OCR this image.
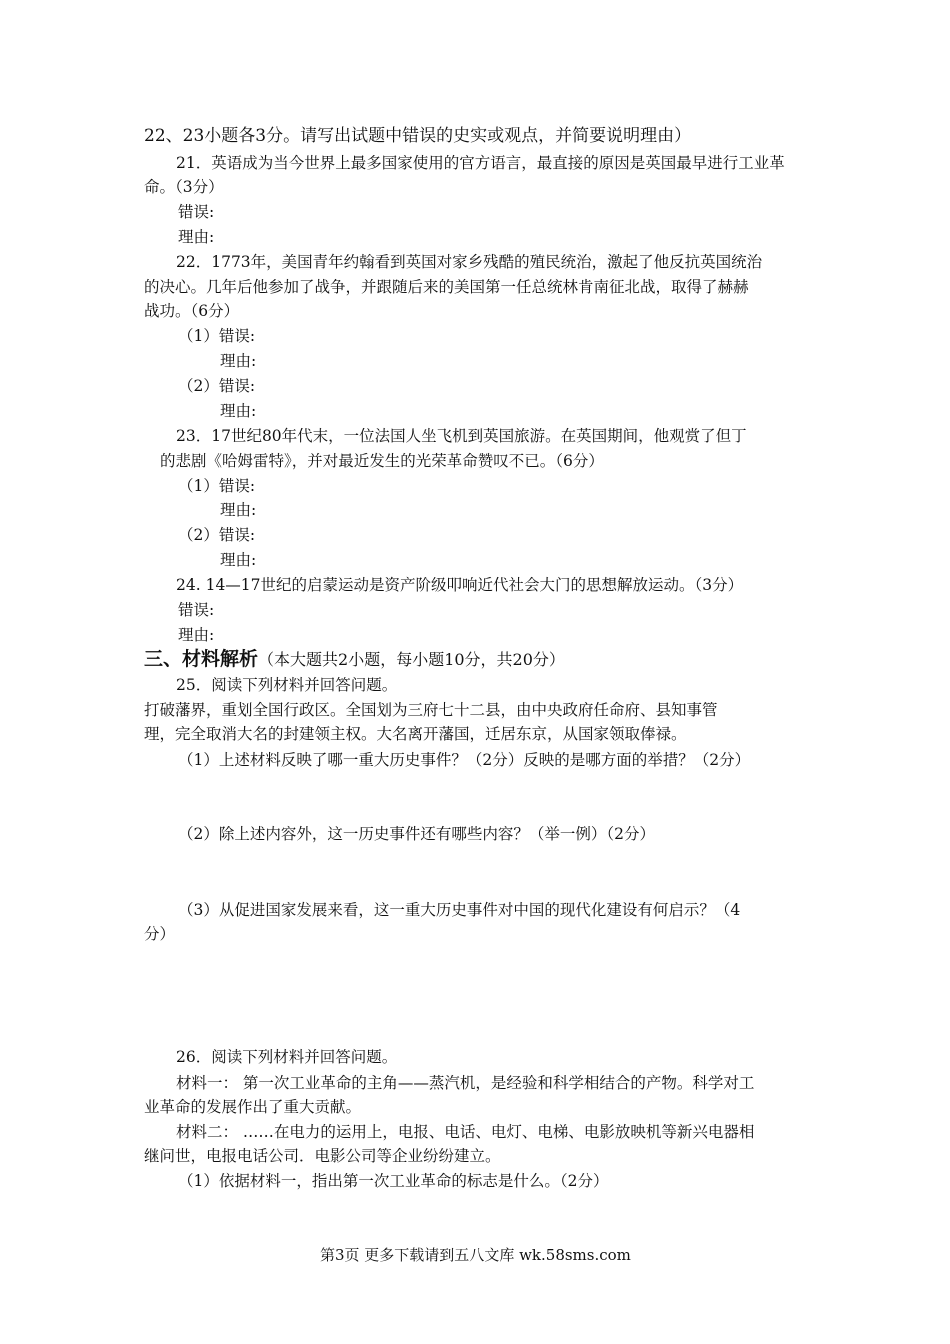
22、23小题各3分。请写出试题中错误的史实或观点，并简要说明理由）
21．英语成为当今世界上最多国家使用的官方语言，最直接的原因是英国最早进行工业革
命。（3分）
错误:
理由:
22．1773年，美国青年约翰看到英国对家乡残酷的殖民统治，激起了他反抗英国统治
的决心。几年后他参加了战争，并跟随后来的美国第一任总统林肯南征北战，取得了赫赫
战功。（6分）
（1）错误:
理由:
（2）错误:
理由:
23．17世纪80年代末，一位法国人坐飞机到英国旅游。在英国期间，他观赏了但丁
的悲剧《哈姆雷特》，并对最近发生的光荣革命赞叹不已。（6分）
（1）错误:
理由:
（2）错误:
理由:
24. 14—17世纪的启蒙运动是资产阶级叩响近代社会大门的思想解放运动。（3分）
错误:
理由:
三、材料解析（本大题共2小题，每小题10分，共20分）
25．阅读下列材料并回答问题。
打破藩界，重划全国行政区。全国划为三府七十二县，由中央政府任命府、县知事管
理，完全取消大名的封建领主权。大名离开藩国，迁居东京，从国家领取俸禄。
（1）上述材料反映了哪一重大历史事件？（2分）反映的是哪方面的举措？（2分）
（2）除上述内容外，这一历史事件还有哪些内容？（举一例）（2分）
（3）从促进国家发展来看，这一重大历史事件对中国的现代化建设有何启示？（4
分）
26．阅读下列材料并回答问题。
材料一： 第一次工业革命的主角——蒸汽机，是经验和科学相结合的产物。科学对工
业革命的发展作出了重大贡献。
材料二： ……在电力的运用上，电报、电话、电灯、电梯、电影放映机等新兴电器相
继问世，电报电话公司．电影公司等企业纷纷建立。
（1）依据材料一，指出第一次工业革命的标志是什么。（2分）
第3页 更多下载请到五八文库 wk.58sms.com
